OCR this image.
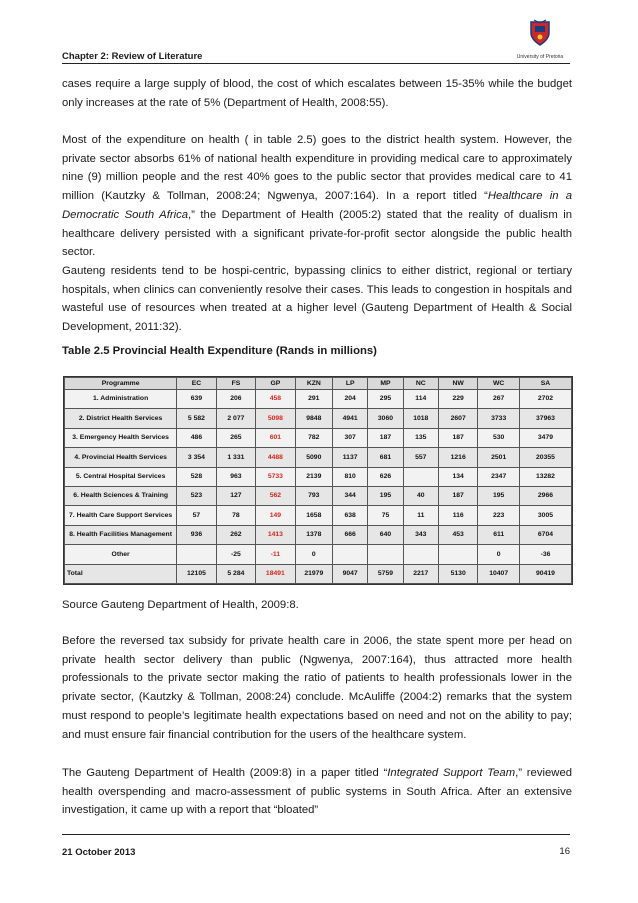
Chapter 2: Review of Literature	University of Pretoria

cases require a large supply of blood, the cost of which escalates between 15-35% while the budget only increases at the rate of 5% (Department of Health, 2008:55).

Most of the expenditure on health ( in table 2.5) goes to the district health system. However, the private sector absorbs 61% of national health expenditure in providing medical care to approximately nine (9) million people and the rest 40% goes to the public sector that provides medical care to 41 million (Kautzky & Tollman, 2008:24; Ngwenya, 2007:164). In a report titled “Healthcare in a Democratic South Africa,” the Department of Health (2005:2) stated that the reality of dualism in healthcare delivery persisted with a significant private-for-profit sector alongside the public health sector.

Gauteng residents tend to be hospi-centric, bypassing clinics to either district, regional or tertiary hospitals, when clinics can conveniently resolve their cases. This leads to congestion in hospitals and wasteful use of resources when treated at a higher level (Gauteng Department of Health & Social Development, 2011:32).

Table 2.5 Provincial Health Expenditure (Rands in millions)

Programme	EC	FS	GP	KZN	LP	MP	NC	NW	WC	SA
1. Administration	639	206	458	291	204	295	114	229	267	2702
2. District Health Services	5 582	2 077	5098	9848	4941	3060	1018	2607	3733	37963
3. Emergency Health Services	486	265	601	782	307	187	135	187	530	3479
4. Provincial Health Services	3 354	1 331	4488	5090	1137	681	557	1216	2501	20355
5. Central Hospital Services	528	963	5733	2139	810	626		134	2347	13282
6. Health Sciences & Training	523	127	562	793	344	195	40	187	195	2966
7. Health Care Support Services	57	78	149	1658	638	75	11	116	223	3005
8. Health Facilities Management	936	262	1413	1378	666	640	343	453	611	6704
Other		-25	-11	0					0	-36
Total	12105	5 284	18491	21979	9047	5759	2217	5130	10407	90419

Source Gauteng Department of Health, 2009:8.

Before the reversed tax subsidy for private health care in 2006, the state spent more per head on private health sector delivery than public (Ngwenya, 2007:164), thus attracted more health professionals to the private sector making the ratio of patients to health professionals lower in the private sector, (Kautzky & Tollman, 2008:24) conclude. McAuliffe (2004:2) remarks that the system must respond to people’s legitimate health expectations based on need and not on the ability to pay; and must ensure fair financial contribution for the users of the healthcare system.

The Gauteng Department of Health (2009:8) in a paper titled “Integrated Support Team,” reviewed health overspending and macro-assessment of public systems in South Africa. After an extensive investigation, it came up with a report that “bloated”

21 October 2013	16
